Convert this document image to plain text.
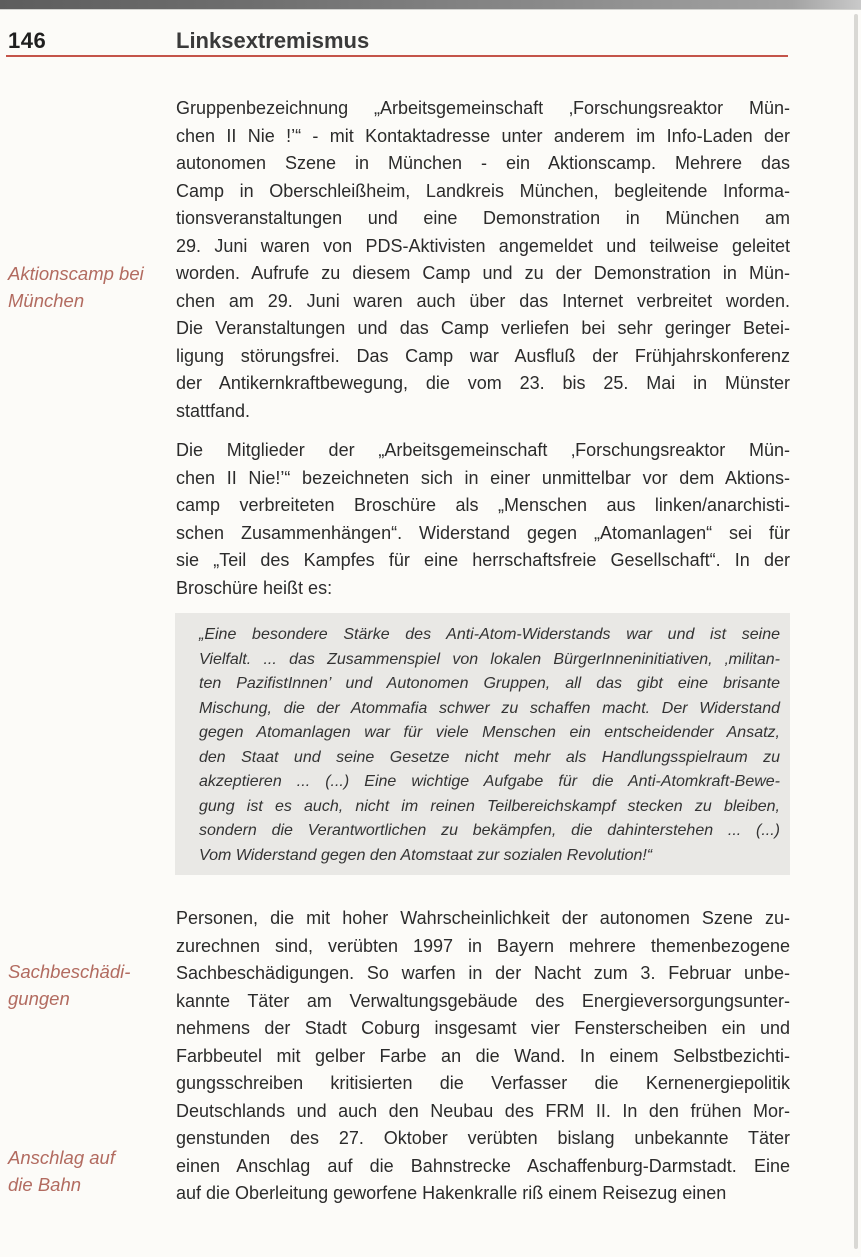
146	Linksextremismus
Aktionscamp bei
München
Sachbeschädi-
gungen
Anschlag auf
die Bahn
Gruppenbezeichnung „Arbeitsgemeinschaft ‚Forschungsreaktor Mün-
chen II Nie !’“ - mit Kontaktadresse unter anderem im Info-Laden der
autonomen Szene in München - ein Aktionscamp. Mehrere das
Camp in Oberschleißheim, Landkreis München, begleitende Informa-
tionsveranstaltungen und eine Demonstration in München am
29. Juni waren von PDS-Aktivisten angemeldet und teilweise geleitet
worden. Aufrufe zu diesem Camp und zu der Demonstration in Mün-
chen am 29. Juni waren auch über das Internet verbreitet worden.
Die Veranstaltungen und das Camp verliefen bei sehr geringer Betei-
ligung störungsfrei. Das Camp war Ausfluß der Frühjahrskonferenz
der Antikernkraftbewegung, die vom 23. bis 25. Mai in Münster
stattfand.
Die Mitglieder der „Arbeitsgemeinschaft ‚Forschungsreaktor Mün-
chen II Nie!’“ bezeichneten sich in einer unmittelbar vor dem Aktions-
camp verbreiteten Broschüre als „Menschen aus linken/anarchisti-
schen Zusammenhängen“. Widerstand gegen „Atomanlagen“ sei für
sie „Teil des Kampfes für eine herrschaftsfreie Gesellschaft“. In der
Broschüre heißt es:
„Eine besondere Stärke des Anti-Atom-Widerstands war und ist seine
Vielfalt. ... das Zusammenspiel von lokalen BürgerInneninitiativen, ‚militan-
ten PazifistInnen’ und Autonomen Gruppen, all das gibt eine brisante
Mischung, die der Atommafia schwer zu schaffen macht. Der Widerstand
gegen Atomanlagen war für viele Menschen ein entscheidender Ansatz,
den Staat und seine Gesetze nicht mehr als Handlungsspielraum zu
akzeptieren ... (...) Eine wichtige Aufgabe für die Anti-Atomkraft-Bewe-
gung ist es auch, nicht im reinen Teilbereichskampf stecken zu bleiben,
sondern die Verantwortlichen zu bekämpfen, die dahinterstehen ... (...)
Vom Widerstand gegen den Atomstaat zur sozialen Revolution!“
Personen, die mit hoher Wahrscheinlichkeit der autonomen Szene zu-
zurechnen sind, verübten 1997 in Bayern mehrere themenbezogene
Sachbeschädigungen. So warfen in der Nacht zum 3. Februar unbe-
kannte Täter am Verwaltungsgebäude des Energieversorgungsunter-
nehmens der Stadt Coburg insgesamt vier Fensterscheiben ein und
Farbbeutel mit gelber Farbe an die Wand. In einem Selbstbezichti-
gungsschreiben kritisierten die Verfasser die Kernenergiepolitik
Deutschlands und auch den Neubau des FRM II. In den frühen Mor-
genstunden des 27. Oktober verübten bislang unbekannte Täter
einen Anschlag auf die Bahnstrecke Aschaffenburg-Darmstadt. Eine
auf die Oberleitung geworfene Hakenkralle riß einem Reisezug einen
